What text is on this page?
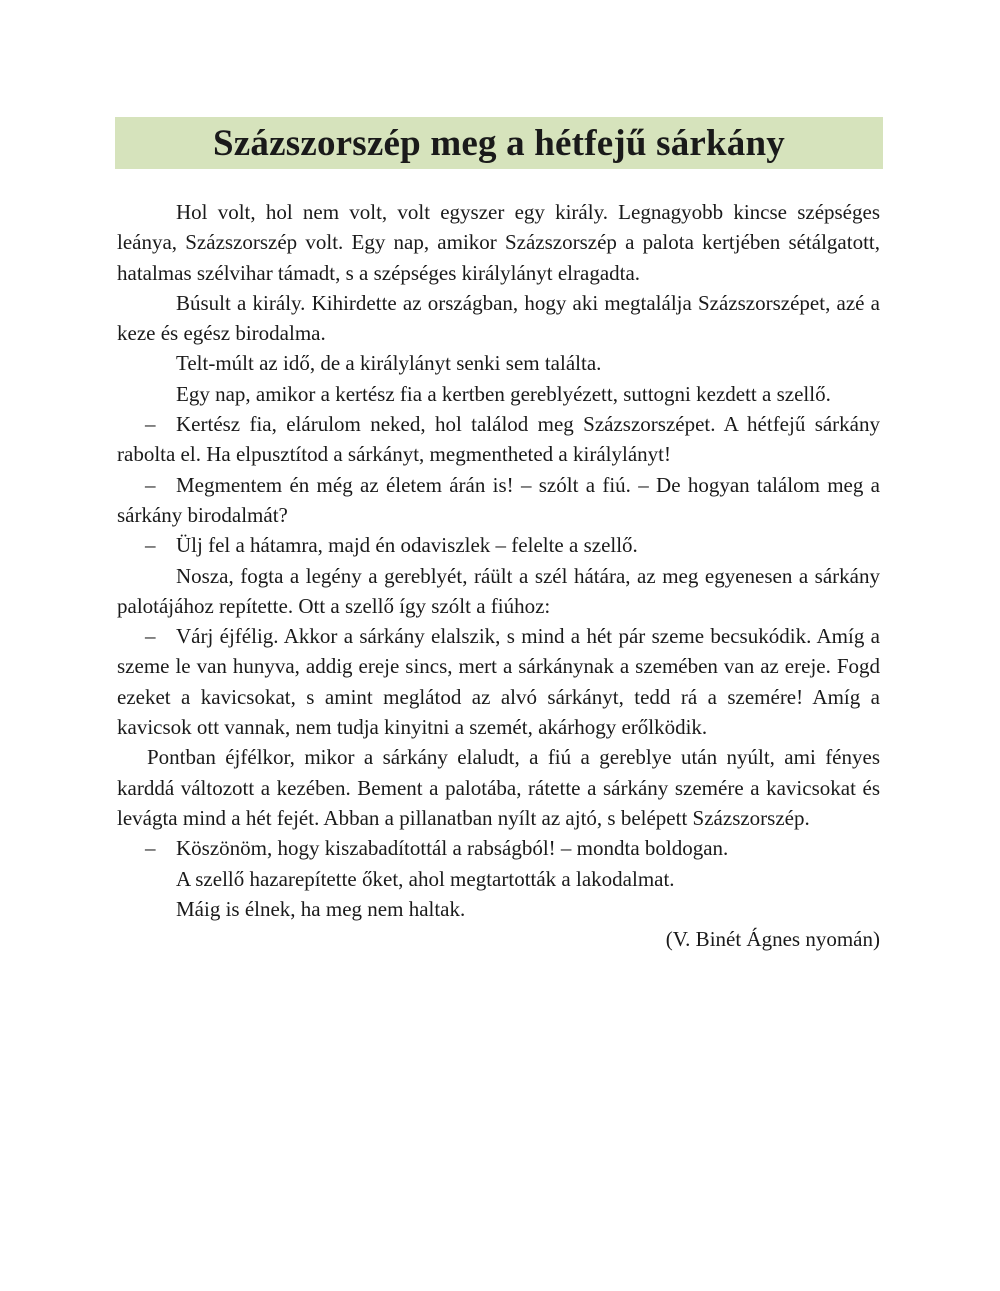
Százszorszép meg a hétfejű sárkány

Hol volt, hol nem volt, volt egyszer egy király. Legnagyobb kincse szépséges leánya, Százszorszép volt. Egy nap, amikor Százszorszép a palota kertjében sétálgatott, hatalmas szélvihar támadt, s a szépséges királylányt elragadta.

Búsult a király. Kihirdette az országban, hogy aki megtalálja Százszorszépet, azé a keze és egész birodalma.

Telt-múlt az idő, de a királylányt senki sem találta.

Egy nap, amikor a kertész fia a kertben gereblyézett, suttogni kezdett a szellő.

– Kertész fia, elárulom neked, hol találod meg Százszorszépet. A hétfejű sárkány rabolta el. Ha elpusztítod a sárkányt, megmentheted a királylányt!

– Megmentem én még az életem árán is! – szólt a fiú. – De hogyan találom meg a sárkány birodalmát?

– Ülj fel a hátamra, majd én odaviszlek – felelte a szellő.

Nosza, fogta a legény a gereblyét, ráült a szél hátára, az meg egyenesen a sárkány palotájához repítette. Ott a szellő így szólt a fiúhoz:

– Várj éjfélig. Akkor a sárkány elalszik, s mind a hét pár szeme becsukódik. Amíg a szeme le van hunyva, addig ereje sincs, mert a sárkánynak a szemében van az ereje. Fogd ezeket a kavicsokat, s amint meglátod az alvó sárkányt, tedd rá a szemére! Amíg a kavicsok ott vannak, nem tudja kinyitni a szemét, akárhogy erőlködik.

Pontban éjfélkor, mikor a sárkány elaludt, a fiú a gereblye után nyúlt, ami fényes karddá változott a kezében. Bement a palotába, rátette a sárkány szemére a kavicsokat és levágta mind a hét fejét. Abban a pillanatban nyílt az ajtó, s belépett Százszorszép.

– Köszönöm, hogy kiszabadítottál a rabságból! – mondta boldogan.

A szellő hazarepítette őket, ahol megtartották a lakodalmat.

Máig is élnek, ha meg nem haltak.

(V. Binét Ágnes nyomán)
